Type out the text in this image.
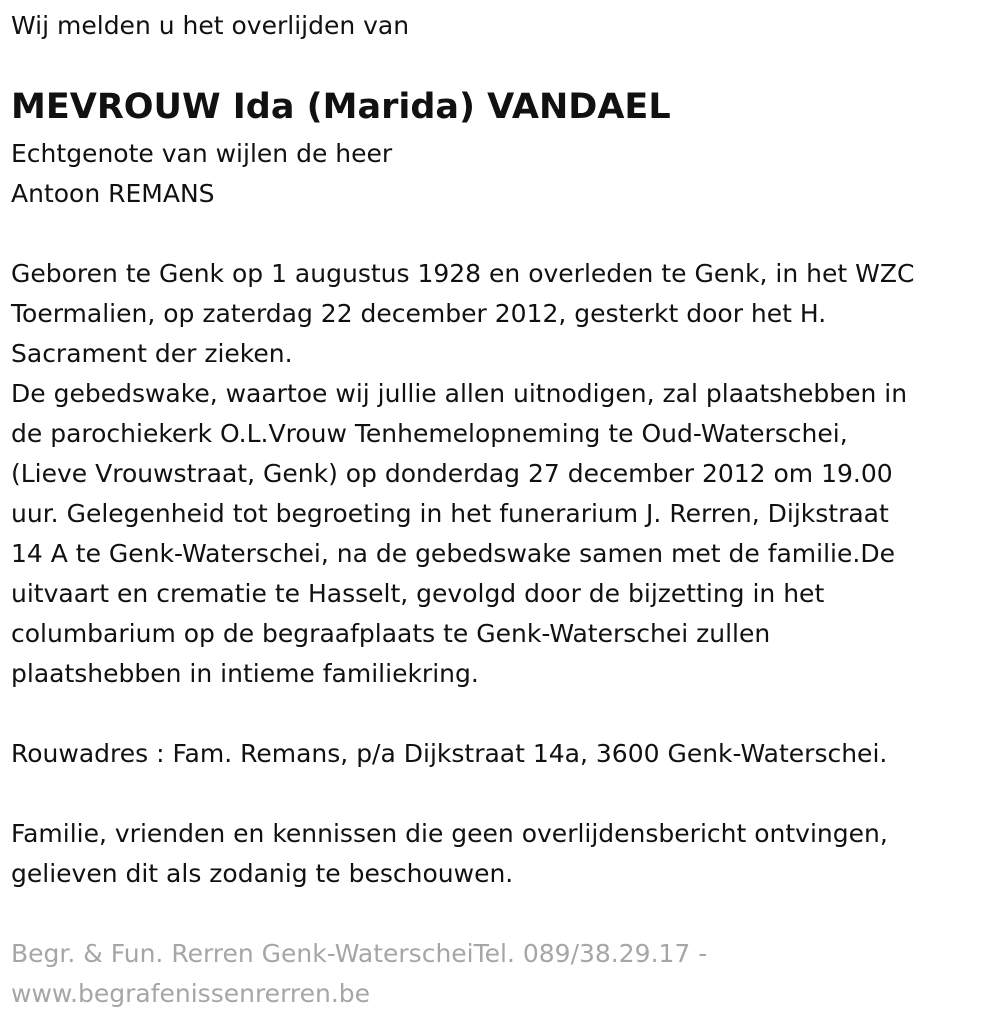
Wij melden u het overlijden van

MEVROUW Ida (Marida) VANDAEL

Echtgenote van wijlen de heer

Antoon REMANS

Geboren te Genk op 1 augustus 1928 en overleden te Genk, in het WZC

Toermalien, op zaterdag 22 december 2012, gesterkt door het H.

Sacrament der zieken.

De gebedswake, waartoe wij jullie allen uitnodigen, zal plaatshebben in

de parochiekerk O.L.Vrouw Tenhemelopneming te Oud-Waterschei,

(Lieve Vrouwstraat, Genk) op donderdag 27 december 2012 om 19.00

uur. Gelegenheid tot begroeting in het funerarium J. Rerren, Dijkstraat

14 A te Genk-Waterschei, na de gebedswake samen met de familie.De

uitvaart en crematie te Hasselt, gevolgd door de bijzetting in het

columbarium op de begraafplaats te Genk-Waterschei zullen

plaatshebben in intieme familiekring.

Rouwadres : Fam. Remans, p/a Dijkstraat 14a, 3600 Genk-Waterschei.

Familie, vrienden en kennissen die geen overlijdensbericht ontvingen,

gelieven dit als zodanig te beschouwen.

Begr. & Fun. Rerren Genk-WaterscheiTel. 089/38.29.17 -

www.begrafenissenrerren.be
